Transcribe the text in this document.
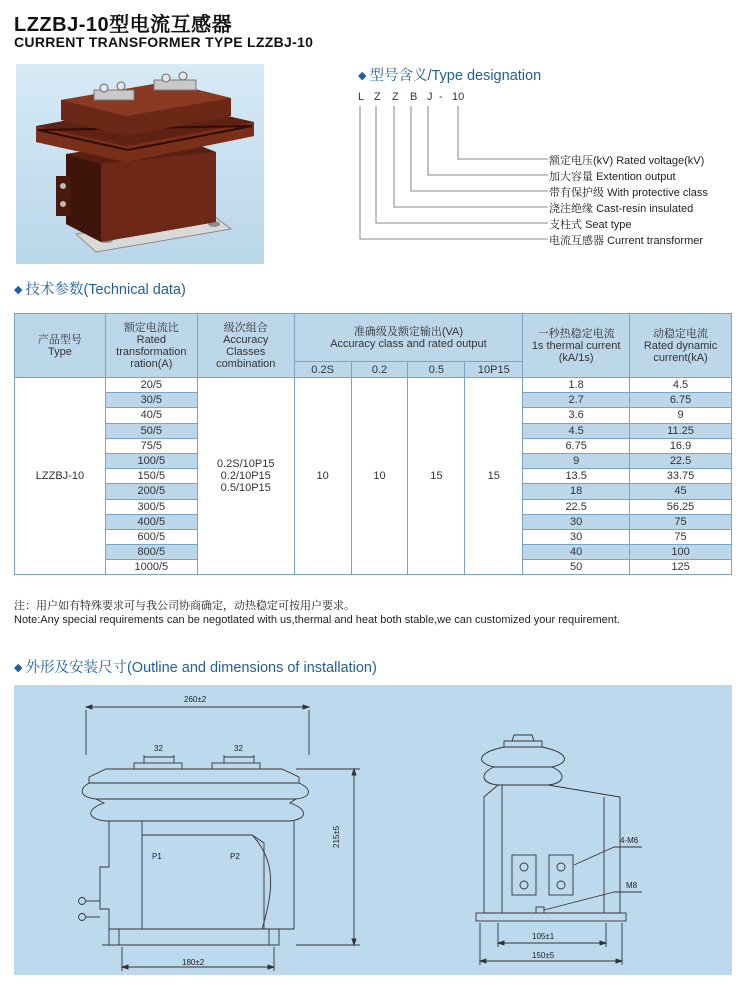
LZZBJ-10型电流互感器
CURRENT TRANSFORMER TYPE LZZBJ-10
◆ 型号含义/Type designation
L Z Z B J - 10
额定电压(kV) Rated voltage(kV)
加大容量 Extention output
带有保护级 With protective class
浇注绝缘 Cast-resin insulated
支柱式 Seat type
电流互感器 Current transformer
◆ 技术参数(Technical data)
产品型号
Type	额定电流比
Rated
transformation
ration(A)	级次组合
Accuracy
Classes
combination	准确级及额定输出(VA)
Accuracy class and rated output				一秒热稳定电流
1s thermal current
(kA/1s)	动稳定电流
Rated dynamic
current(kA)
			0.2S	0.2	0.5	10P15		
LZZBJ-10	20/5	0.2S/10P15
0.2/10P15
0.5/10P15	10	10	15	15	1.8	4.5
	30/5						2.7	6.75
	40/5						3.6	9
	50/5						4.5	11.25
	75/5						6.75	16.9
	100/5						9	22.5
	150/5						13.5	33.75
	200/5						18	45
	300/5						22.5	56.25
	400/5						30	75
	600/5						30	75
	800/5						40	100
	1000/5						50	125
注：用户如有特殊要求可与我公司协商确定，动热稳定可按用户要求。
Note:Any special requirements can be negotlated with us,thermal and heat both stable,we can customized your requirement.
◆ 外形及安装尺寸(Outline and dimensions of installation)
260±2
32	32
P1	P2
215±5
180±2
4-M6
M8
105±1
150±5
